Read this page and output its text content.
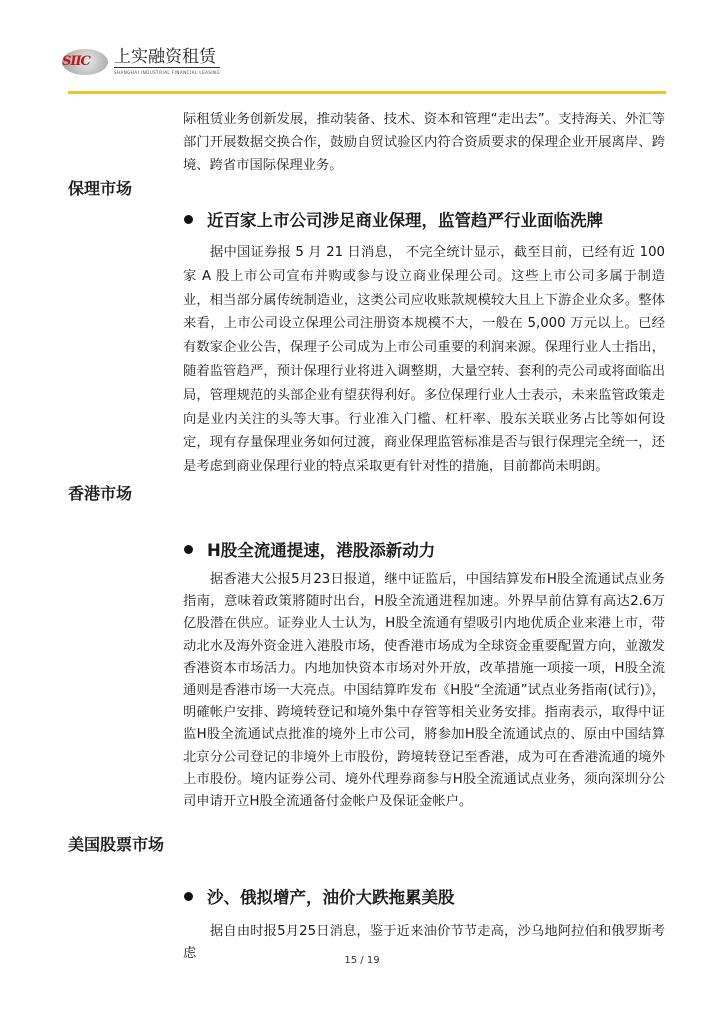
SIIC 上实融资租赁
SHANGHAI INDUSTRIAL FINANCIAL LEASING

际租赁业务创新发展，推动装备、技术、资本和管理“走出去”。支持海关、外汇等部门开展数据交换合作，鼓励自贸试验区内符合资质要求的保理企业开展离岸、跨境、跨省市国际保理业务。

保理市场
近百家上市公司涉足商业保理，监管趋严行业面临洗牌

据中国证券报 5 月 21 日消息， 不完全统计显示，截至目前，已经有近 100 家 A 股上市公司宣布并购或参与设立商业保理公司。这些上市公司多属于制造业，相当部分属传统制造业，这类公司应收账款规模较大且上下游企业众多。整体来看，上市公司设立保理公司注册资本规模不大，一般在 5,000 万元以上。已经有数家企业公告，保理子公司成为上市公司重要的利润来源。保理行业人士指出，随着监管趋严，预计保理行业将进入调整期，大量空转、套利的壳公司或将面临出局，管理规范的头部企业有望获得利好。多位保理行业人士表示，未来监管政策走向是业内关注的头等大事。行业准入门槛、杠杆率、股东关联业务占比等如何设定，现有存量保理业务如何过渡，商业保理监管标准是否与银行保理完全统一，还是考虑到商业保理行业的特点采取更有针对性的措施，目前都尚未明朗。

香港市场
H股全流通提速，港股添新动力

据香港大公报5月23日报道，继中证监后，中国结算发布H股全流通试点业务指南，意味着政策將随时出台，H股全流通进程加速。外界早前估算有高达2.6万亿股潜在供应。证券业人士认为，H股全流通有望吸引内地优质企业来港上市，带动北水及海外资金进入港股市场，使香港市场成为全球资金重要配置方向，並激发香港资本市场活力。内地加快资本市场对外开放，改革措施一项接一项，H股全流通则是香港市场一大亮点。中国结算昨发布《H股“全流通”试点业务指南(试行)》，明確帐户安排、跨境转登记和境外集中存管等相关业务安排。指南表示，取得中证监H股全流通试点批准的境外上市公司，將参加H股全流通试点的、原由中国结算北京分公司登记的非境外上市股份，跨境转登记至香港，成为可在香港流通的境外上市股份。境内证券公司、境外代理券商参与H股全流通试点业务，须向深圳分公司申请开立H股全流通备付金帐户及保证金帐户。

美国股票市场
沙、俄拟增产，油价大跌拖累美股

据自由时报5月25日消息，鉴于近来油价节节走高，沙乌地阿拉伯和俄罗斯考虑	15 / 19
